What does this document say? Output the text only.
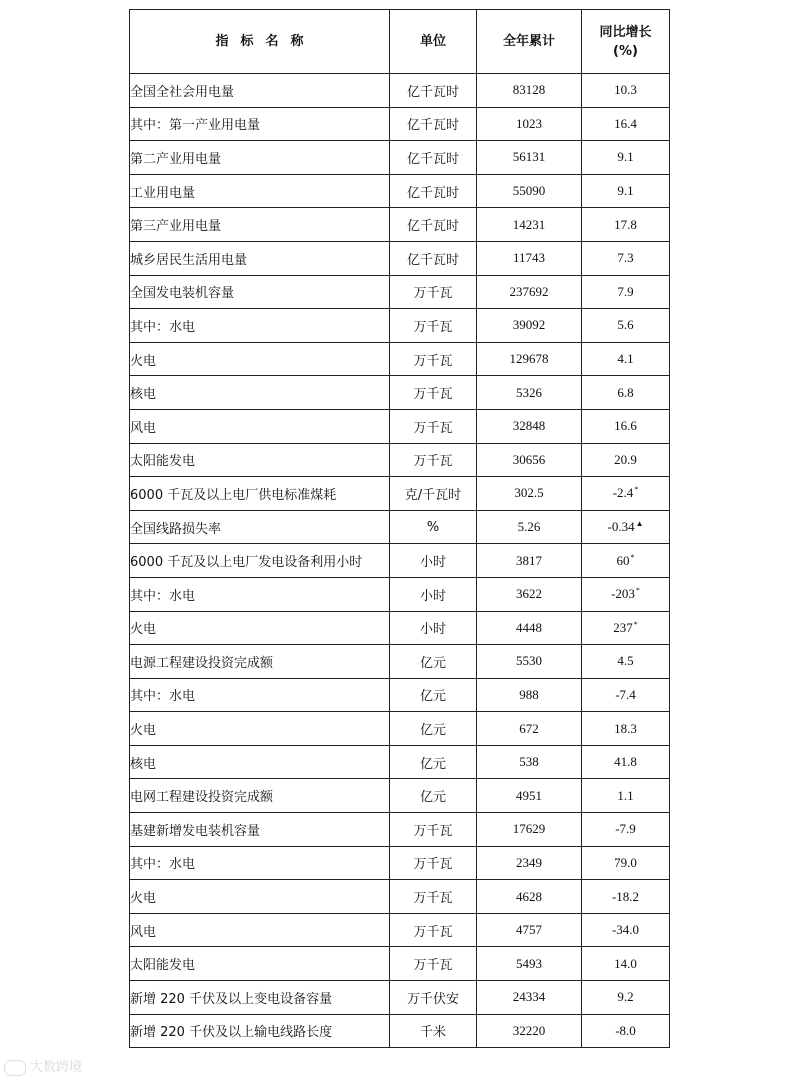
指标名称	单位	全年累计	同比增长
(%)

全国全社会用电量	亿千瓦时	83128	10.3
其中：第一产业用电量	亿千瓦时	1023	16.4
第二产业用电量	亿千瓦时	56131	9.1
工业用电量	亿千瓦时	55090	9.1
第三产业用电量	亿千瓦时	14231	17.8
城乡居民生活用电量	亿千瓦时	11743	7.3
全国发电装机容量	万千瓦	237692	7.9
其中：水电	万千瓦	39092	5.6
火电	万千瓦	129678	4.1
核电	万千瓦	5326	6.8
风电	万千瓦	32848	16.6
太阳能发电	万千瓦	30656	20.9
6000 千瓦及以上电厂供电标准煤耗	克/千瓦时	302.5	-2.4*
全国线路损失率	%	5.26	-0.34▲
6000 千瓦及以上电厂发电设备利用小时	小时	3817	60*
其中：水电	小时	3622	-203*
火电	小时	4448	237*
电源工程建设投资完成额	亿元	5530	4.5
其中：水电	亿元	988	-7.4
火电	亿元	672	18.3
核电	亿元	538	41.8
电网工程建设投资完成额	亿元	4951	1.1
基建新增发电装机容量	万千瓦	17629	-7.9
其中：水电	万千瓦	2349	79.0
火电	万千瓦	4628	-18.2
风电	万千瓦	4757	-34.0
太阳能发电	万千瓦	5493	14.0
新增 220 千伏及以上变电设备容量	万千伏安	24334	9.2
新增 220 千伏及以上输电线路长度	千米	32220	-8.0
大数跨境
